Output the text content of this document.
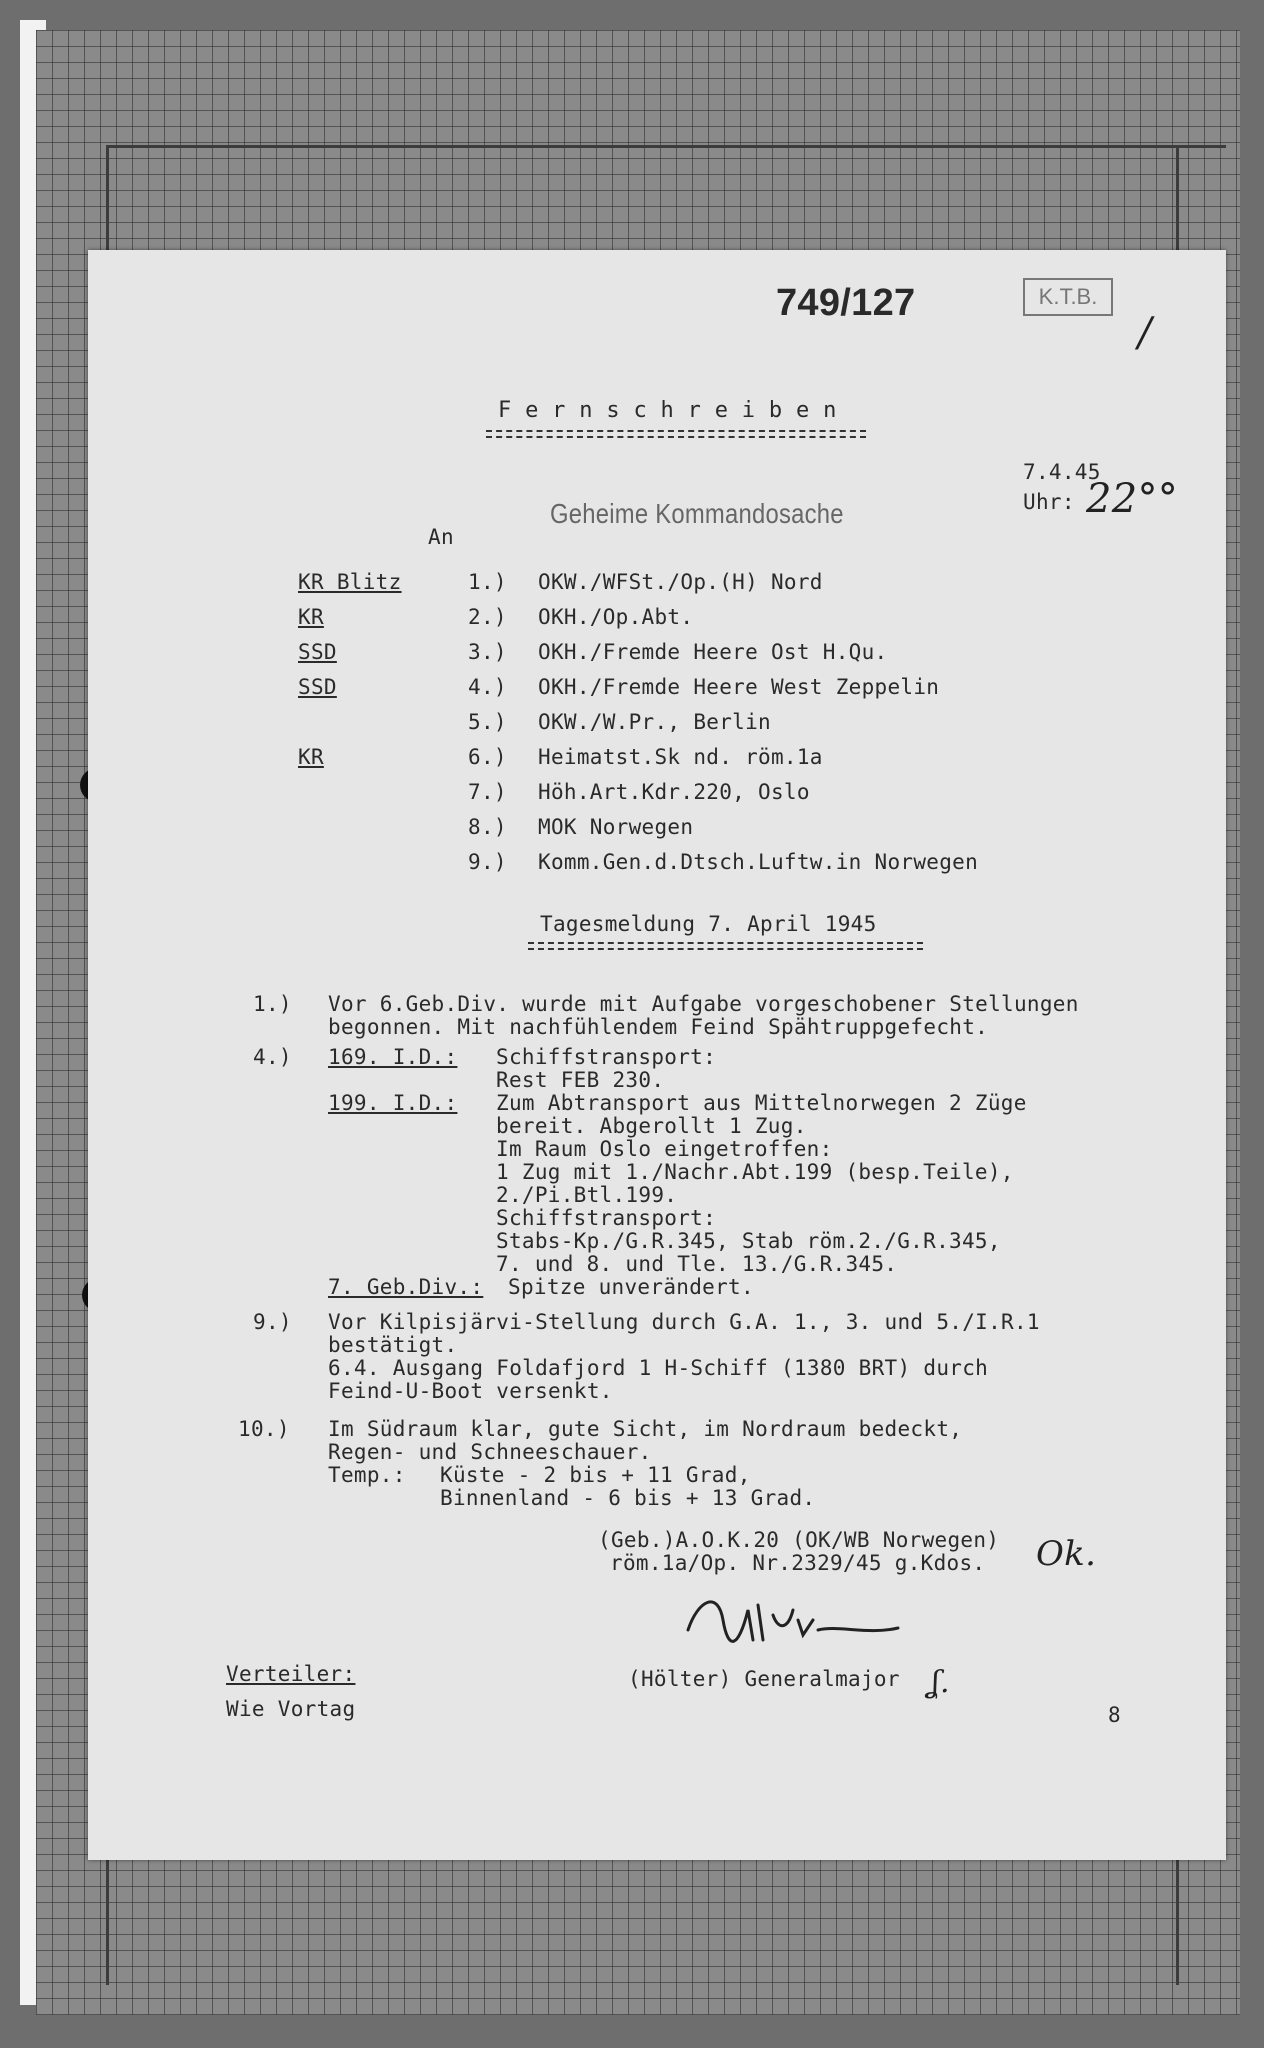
749/127	K.T.B.
/
F e r n s c h r e i b e n
7.4.45
Uhr: 22°°
Geheime Kommandosache
An
KR Blitz	1.) OKW./WFSt./Op.(H) Nord
KR	2.) OKH./Op.Abt.
SSD	3.) OKH./Fremde Heere Ost H.Qu.
SSD	4.) OKH./Fremde Heere West Zeppelin
5.) OKW./W.Pr., Berlin
KR	6.) Heimatst.Sk nd. röm.1a
7.) Höh.Art.Kdr.220, Oslo
8.) MOK Norwegen
9.) Komm.Gen.d.Dtsch.Luftw.in Norwegen
Tagesmeldung 7. April 1945
1.) Vor 6.Geb.Div. wurde mit Aufgabe vorgeschobener Stellungen
begonnen. Mit nachfühlendem Feind Spähtruppgefecht.
4.) 169. I.D.: Schiffstransport:
Rest FEB 230.
199. I.D.: Zum Abtransport aus Mittelnorwegen 2 Züge
bereit. Abgerollt 1 Zug.
Im Raum Oslo eingetroffen:
1 Zug mit 1./Nachr.Abt.199 (besp.Teile),
2./Pi.Btl.199.
Schiffstransport:
Stabs-Kp./G.R.345, Stab röm.2./G.R.345,
7. und 8. und Tle. 13./G.R.345.
7. Geb.Div.: Spitze unverändert.
9.) Vor Kilpisjärvi-Stellung durch G.A. 1., 3. und 5./I.R.1
bestätigt.
6.4. Ausgang Foldafjord 1 H-Schiff (1380 BRT) durch
Feind-U-Boot versenkt.
10.) Im Südraum klar, gute Sicht, im Nordraum bedeckt,
Regen- und Schneeschauer.
Temp.: Küste - 2 bis + 11 Grad,
Binnenland - 6 bis + 13 Grad.
(Geb.)A.O.K.20 (OK/WB Norwegen)
röm.1a/Op. Nr.2329/45 g.Kdos. Ok.
(Hölter) Generalmajor ʆ.
Verteiler:
Wie Vortag	8
